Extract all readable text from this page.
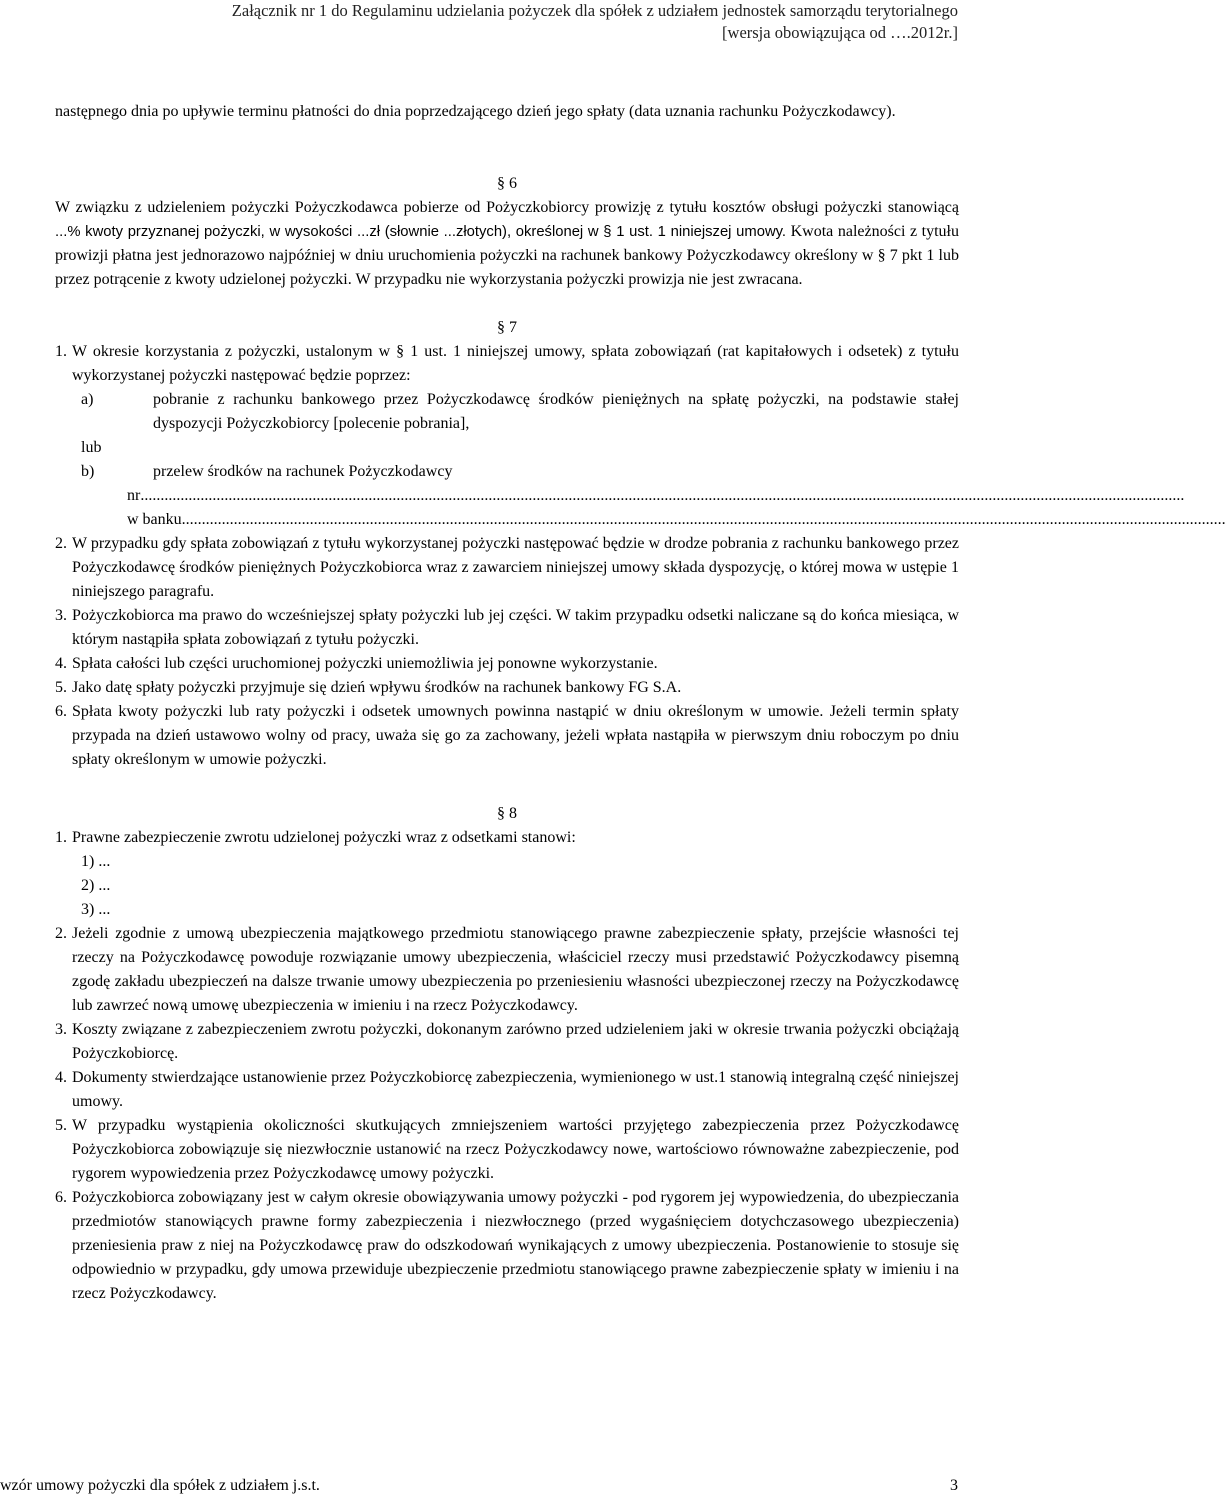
Załącznik nr 1 do Regulaminu udzielania pożyczek dla spółek z udziałem jednostek samorządu terytorialnego
[wersja obowiązująca od ….2012r.]

następnego dnia po upływie terminu płatności do dnia poprzedzającego dzień jego spłaty (data uznania rachunku Pożyczkodawcy).

§ 6

W związku z udzieleniem pożyczki Pożyczkodawca pobierze od Pożyczkobiorcy prowizję z tytułu kosztów obsługi pożyczki stanowiącą ...% kwoty przyznanej pożyczki, w wysokości ...zł (słownie ...złotych), określonej w § 1 ust. 1 niniejszej umowy. Kwota należności z tytułu prowizji płatna jest jednorazowo najpóźniej w dniu uruchomienia pożyczki na rachunek bankowy Pożyczkodawcy określony w § 7 pkt 1 lub przez potrącenie z kwoty udzielonej pożyczki. W przypadku nie wykorzystania pożyczki prowizja nie jest zwracana.

§ 7
1. W okresie korzystania z pożyczki, ustalonym w § 1 ust. 1 niniejszej umowy, spłata zobowiązań (rat kapitałowych i odsetek) z tytułu wykorzystanej pożyczki następować będzie poprzez:
a)	pobranie z rachunku bankowego przez Pożyczkodawcę środków pieniężnych na spłatę pożyczki, na podstawie stałej dyspozycji Pożyczkobiorcy [polecenie pobrania],
lub
b)	przelew środków na rachunek Pożyczkodawcy
nr .....................................................................................................................................................................................................................................................................
w banku .....................................................................................................................................................................................................................................................................
2. W przypadku gdy spłata zobowiązań z tytułu wykorzystanej pożyczki następować będzie w drodze pobrania z rachunku bankowego przez Pożyczkodawcę środków pieniężnych Pożyczkobiorca wraz z zawarciem niniejszej umowy składa dyspozycję, o której mowa w ustępie 1 niniejszego paragrafu.
3. Pożyczkobiorca ma prawo do wcześniejszej spłaty pożyczki lub jej części. W takim przypadku odsetki naliczane są do końca miesiąca, w którym nastąpiła spłata zobowiązań z tytułu pożyczki.
4. Spłata całości lub części uruchomionej pożyczki uniemożliwia jej ponowne wykorzystanie.
5. Jako datę spłaty pożyczki przyjmuje się dzień wpływu środków na rachunek bankowy FG S.A.
6. Spłata kwoty pożyczki lub raty pożyczki i odsetek umownych powinna nastąpić w dniu określonym w umowie. Jeżeli termin spłaty przypada na dzień ustawowo wolny od pracy, uważa się go za zachowany, jeżeli wpłata nastąpiła w pierwszym dniu roboczym po dniu spłaty określonym w umowie pożyczki.
§ 8
1. Prawne zabezpieczenie zwrotu udzielonej pożyczki wraz z odsetkami stanowi:
1) ...
2) ...
3) ...
2. Jeżeli zgodnie z umową ubezpieczenia majątkowego przedmiotu stanowiącego prawne zabezpieczenie spłaty, przejście własności tej rzeczy na Pożyczkodawcę powoduje rozwiązanie umowy ubezpieczenia, właściciel rzeczy musi przedstawić Pożyczkodawcy pisemną zgodę zakładu ubezpieczeń na dalsze trwanie umowy ubezpieczenia po przeniesieniu własności ubezpieczonej rzeczy na Pożyczkodawcę lub zawrzeć nową umowę ubezpieczenia w imieniu i na rzecz Pożyczkodawcy.
3. Koszty związane z zabezpieczeniem zwrotu pożyczki, dokonanym zarówno przed udzieleniem jaki w okresie trwania pożyczki obciążają Pożyczkobiorcę.
4. Dokumenty stwierdzające ustanowienie przez Pożyczkobiorcę zabezpieczenia, wymienionego w ust.1 stanowią integralną część niniejszej umowy.
5. W przypadku wystąpienia okoliczności skutkujących zmniejszeniem wartości przyjętego zabezpieczenia przez Pożyczkodawcę Pożyczkobiorca zobowiązuje się niezwłocznie ustanowić na rzecz Pożyczkodawcy nowe, wartościowo równoważne zabezpieczenie, pod rygorem wypowiedzenia przez Pożyczkodawcę umowy pożyczki.
6. Pożyczkobiorca zobowiązany jest w całym okresie obowiązywania umowy pożyczki - pod rygorem jej wypowiedzenia, do ubezpieczania przedmiotów stanowiących prawne formy zabezpieczenia i niezwłocznego (przed wygaśnięciem dotychczasowego ubezpieczenia) przeniesienia praw z niej na Pożyczkodawcę praw do odszkodowań wynikających z umowy ubezpieczenia. Postanowienie to stosuje się odpowiednio w przypadku, gdy umowa przewiduje ubezpieczenie przedmiotu stanowiącego prawne zabezpieczenie spłaty w imieniu i na rzecz Pożyczkodawcy.
wzór umowy pożyczki dla spółek z udziałem j.s.t.	3
